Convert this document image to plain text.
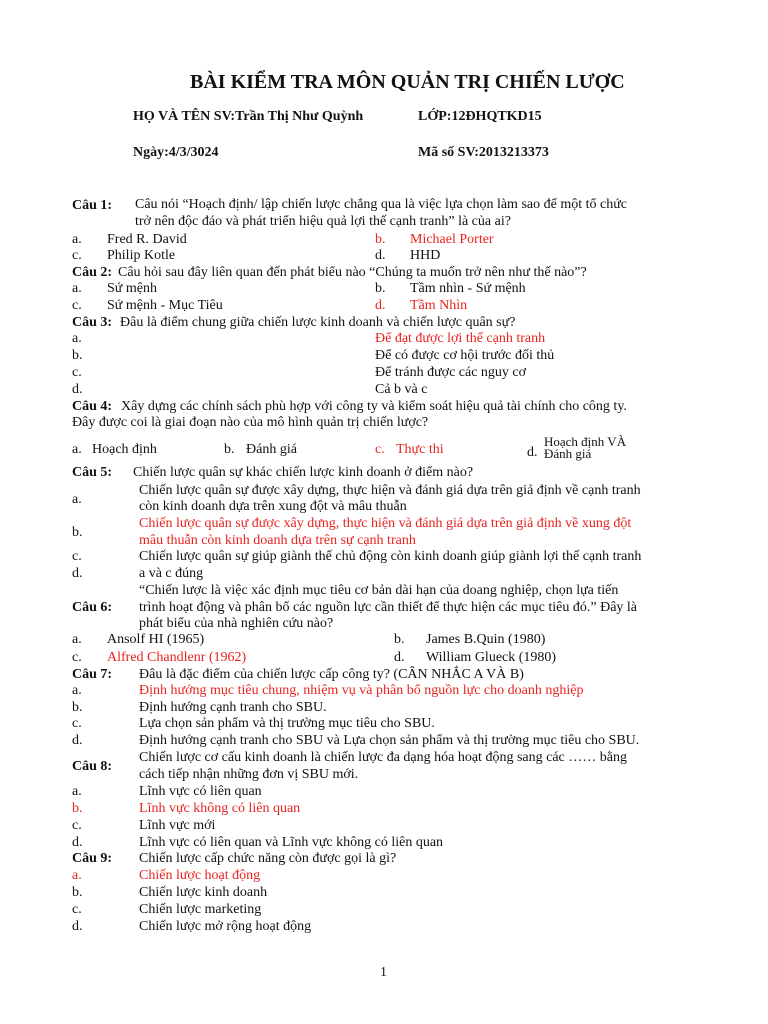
BÀI KIỂM TRA MÔN QUẢN TRỊ CHIẾN LƯỢC
HỌ VÀ TÊN SV:Trần Thị Như Quỳnh	LỚP:12ĐHQTKD15
Ngày:4/3/3024	Mã số SV:2013213373
Câu 1: Câu nói “Hoạch định/ lập chiến lược chẳng qua là việc lựa chọn làm sao để một tổ chức
trở nên độc đáo và phát triển hiệu quả lợi thế cạnh tranh” là của ai?
a. Fred R. David	b. Michael Porter
c. Philip Kotle	d. HHD
Câu 2: Câu hỏi sau đây liên quan đến phát biểu nào “Chúng ta muốn trở nên như thế nào”?
a. Sứ mệnh	b. Tầm nhìn - Sứ mệnh
c. Sứ mệnh - Mục Tiêu	d. Tầm Nhìn
Câu 3: Đâu là điểm chung giữa chiến lược kinh doanh và chiến lược quân sự?
a.	Để đạt được lợi thế cạnh tranh
b.	Để có được cơ hội trước đối thủ
c.	Để tránh được các nguy cơ
d.	Cả b và c
Câu 4: Xây dựng các chính sách phù hợp với công ty và kiểm soát hiệu quả tài chính cho công ty.
Đây được coi là giai đoạn nào của mô hình quản trị chiến lược?
a. Hoạch định	b. Đánh giá	c. Thực thi	d.
Hoạch định VÀ
Đánh giá
Câu 5: Chiến lược quân sự khác chiến lược kinh doanh ở điểm nào?
a.
Chiến lược quân sự được xây dựng, thực hiện và đánh giá dựa trên giả định về cạnh tranh
còn kinh doanh dựa trên xung đột và mâu thuẫn
b.
Chiến lược quân sự được xây dựng, thực hiện và đánh giá dựa trên giả định về xung đột
mâu thuẫn còn kinh doanh dựa trên sự cạnh tranh
c.	Chiến lược quân sự giúp giành thế chủ động còn kinh doanh giúp giành lợi thế cạnh tranh
d.	a và c đúng
Câu 6:
“Chiến lược là việc xác định mục tiêu cơ bản dài hạn của doang nghiệp, chọn lựa tiến
trình hoạt động và phân bổ các nguồn lực cần thiết để thực hiện các mục tiêu đó.” Đây là
phát biểu của nhà nghiên cứu nào?
a. Ansolf HI (1965)	b. James B.Quin (1980)
c. Alfred Chandlenr (1962)	d. William Glueck (1980)
Câu 7: Đâu là đặc điểm của chiến lược cấp công ty? (CÂN NHẮC A VÀ B)
a.	Định hướng mục tiêu chung, nhiệm vụ và phân bổ nguồn lực cho doanh nghiệp
b.	Định hướng cạnh tranh cho SBU.
c.	Lựa chọn sản phẩm và thị trường mục tiêu cho SBU.
d.	Định hướng cạnh tranh cho SBU và Lựa chọn sản phẩm và thị trường mục tiêu cho SBU.
Câu 8:
Chiến lược cơ cấu kinh doanh là chiến lược đa dạng hóa hoạt động sang các …… bằng
cách tiếp nhận những đơn vị SBU mới.
a.	Lĩnh vực có liên quan
b.	Lĩnh vực không có liên quan
c.	Lĩnh vực mới
d.	Lĩnh vực có liên quan và Lĩnh vực không có liên quan
Câu 9: Chiến lược cấp chức năng còn được gọi là gì?
a.	Chiến lược hoạt động
b.	Chiến lược kinh doanh
c.	Chiến lược marketing
d.	Chiến lược mở rộng hoạt động
1
